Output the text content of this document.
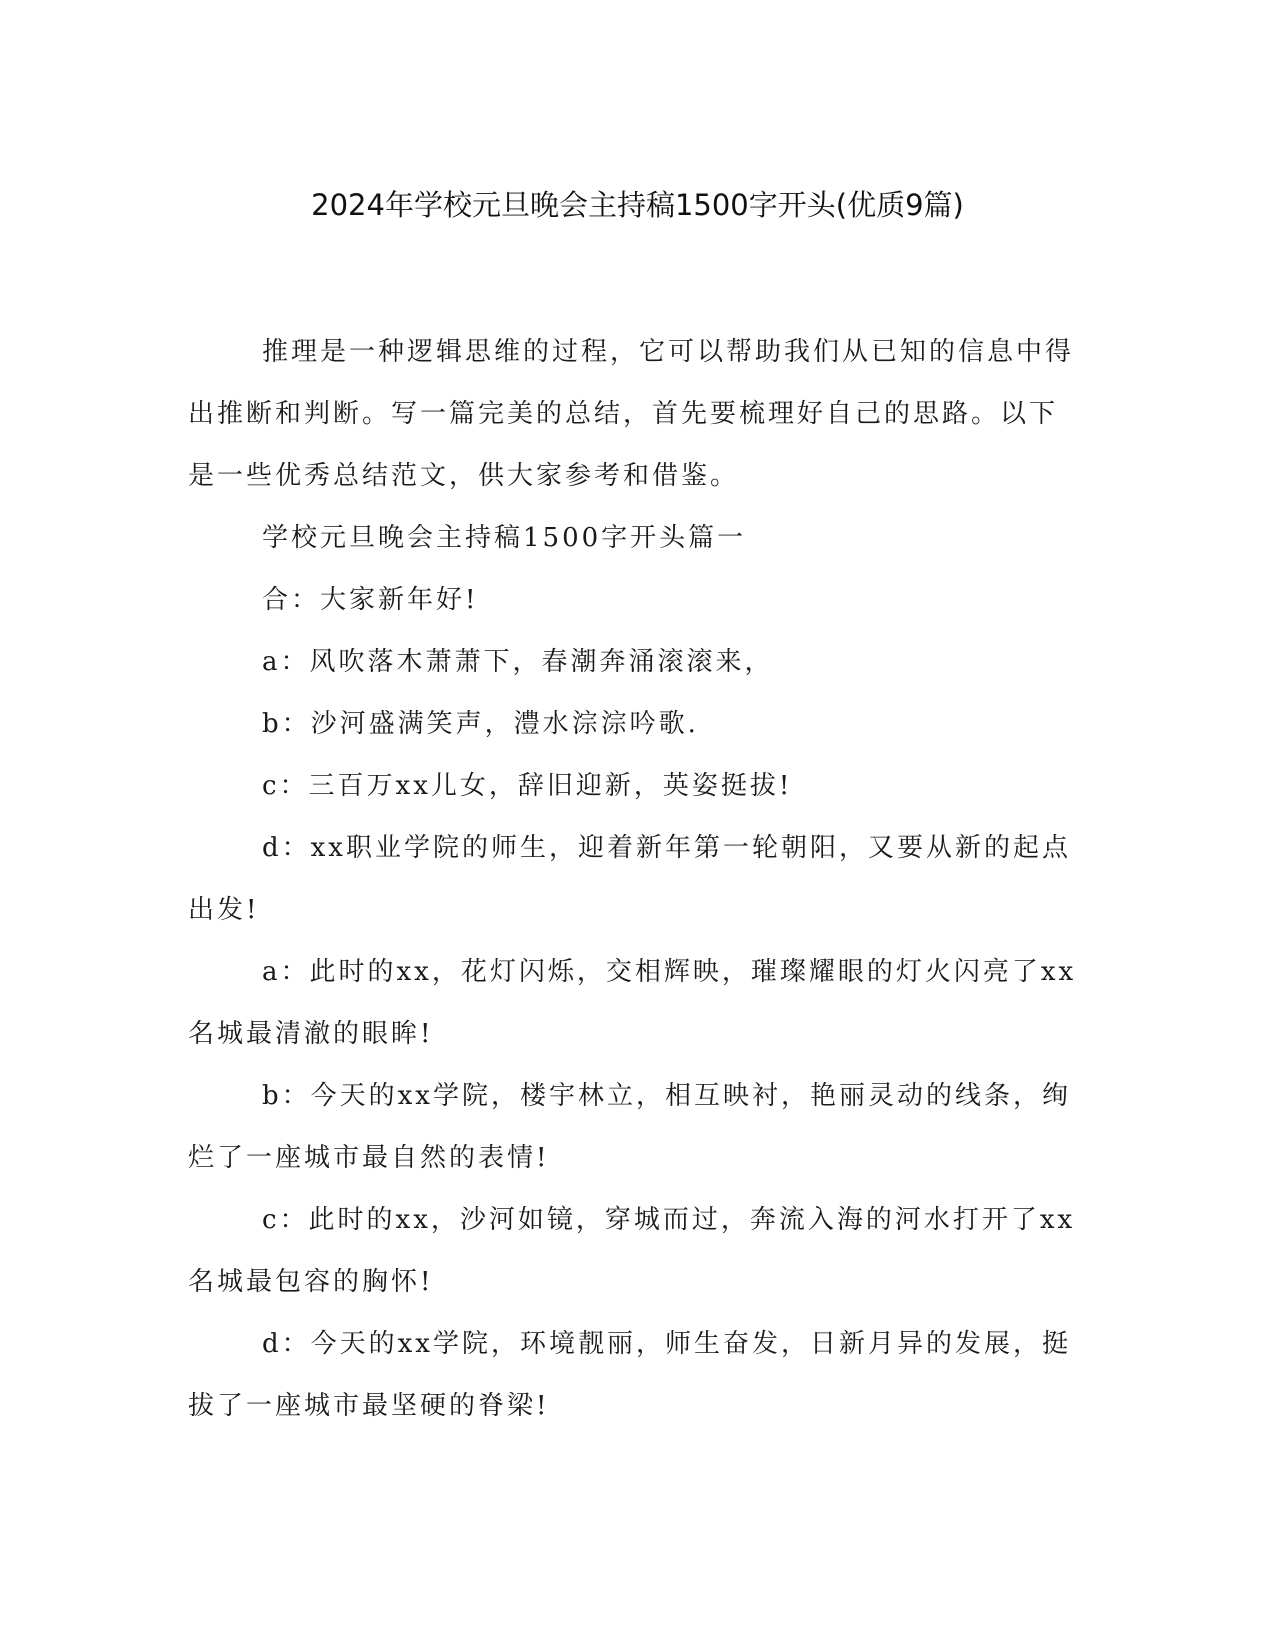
2024年学校元旦晚会主持稿1500字开头(优质9篇)

推理是一种逻辑思维的过程，它可以帮助我们从已知的信息中得出推断和判断。写一篇完美的总结，首先要梳理好自己的思路。以下是一些优秀总结范文，供大家参考和借鉴。

学校元旦晚会主持稿1500字开头篇一

合：大家新年好!

a：风吹落木萧萧下，春潮奔涌滚滚来，

b：沙河盛满笑声，澧水淙淙吟歌.

c：三百万xx儿女，辞旧迎新，英姿挺拔!

d：xx职业学院的师生，迎着新年第一轮朝阳，又要从新的起点出发!

a：此时的xx，花灯闪烁，交相辉映，璀璨耀眼的灯火闪亮了xx名城最清澈的眼眸!

b：今天的xx学院，楼宇林立，相互映衬，艳丽灵动的线条，绚烂了一座城市最自然的表情!

c：此时的xx，沙河如镜，穿城而过，奔流入海的河水打开了xx名城最包容的胸怀!

d：今天的xx学院，环境靓丽，师生奋发，日新月异的发展，挺拔了一座城市最坚硬的脊梁!
